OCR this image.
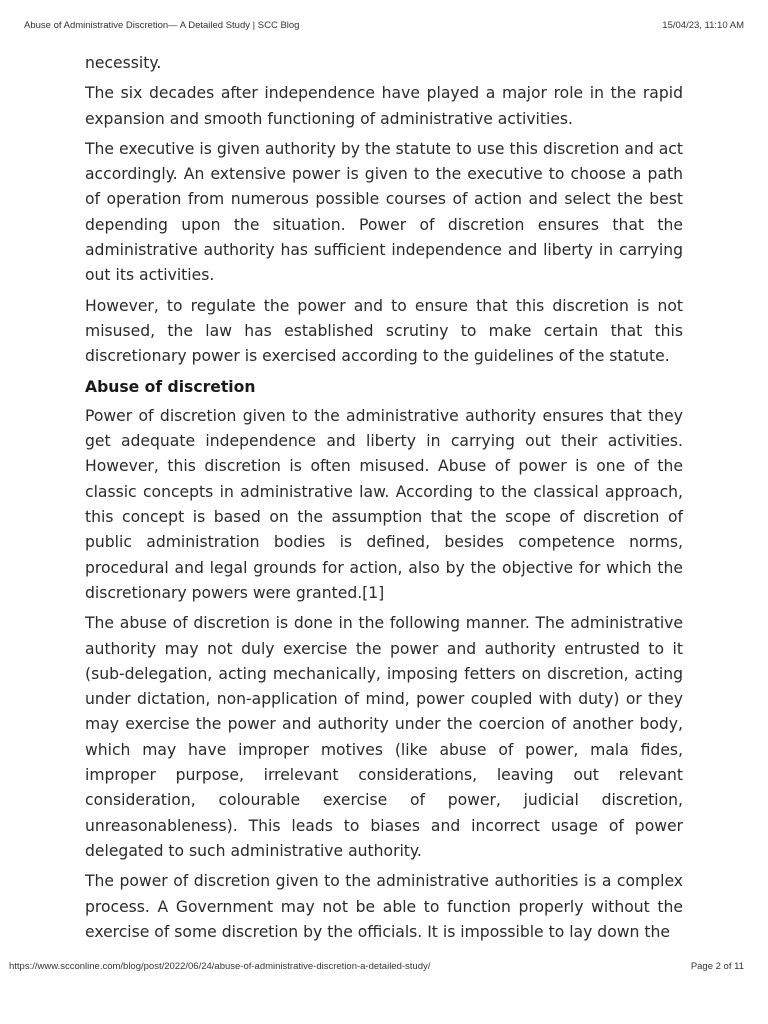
Abuse of Administrative Discretion— A Detailed Study | SCC Blog	15/04/23, 11:10 AM

necessity.

The six decades after independence have played a major role in the rapid expansion and smooth functioning of administrative activities.

The executive is given authority by the statute to use this discretion and act accordingly. An extensive power is given to the executive to choose a path of operation from numerous possible courses of action and select the best depending upon the situation. Power of discretion ensures that the administrative authority has sufficient independence and liberty in carrying out its activities.

However, to regulate the power and to ensure that this discretion is not misused, the law has established scrutiny to make certain that this discretionary power is exercised according to the guidelines of the statute.

Abuse of discretion

Power of discretion given to the administrative authority ensures that they get adequate independence and liberty in carrying out their activities. However, this discretion is often misused. Abuse of power is one of the classic concepts in administrative law. According to the classical approach, this concept is based on the assumption that the scope of discretion of public administration bodies is defined, besides competence norms, procedural and legal grounds for action, also by the objective for which the discretionary powers were granted.[1]

The abuse of discretion is done in the following manner. The administrative authority may not duly exercise the power and authority entrusted to it (sub-delegation, acting mechanically, imposing fetters on discretion, acting under dictation, non-application of mind, power coupled with duty) or they may exercise the power and authority under the coercion of another body, which may have improper motives (like abuse of power, mala fides, improper purpose, irrelevant considerations, leaving out relevant consideration, colourable exercise of power, judicial discretion, unreasonableness). This leads to biases and incorrect usage of power delegated to such administrative authority.

The power of discretion given to the administrative authorities is a complex process. A Government may not be able to function properly without the exercise of some discretion by the officials. It is impossible to lay down the

https://www.scconline.com/blog/post/2022/06/24/abuse-of-administrative-discretion-a-detailed-study/	Page 2 of 11
